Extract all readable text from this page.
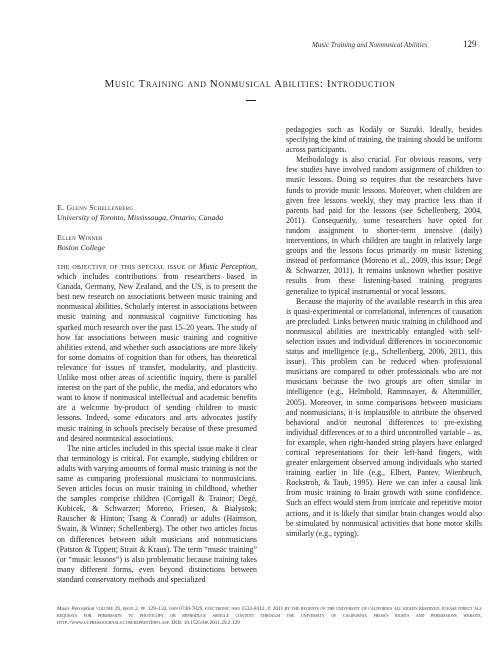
Music Training and Nonmusical Abilities	129
Music Training and Nonmusical Abilities: Introduction
E. Glenn Schellenberg
University of Toronto, Mississauga, Ontario, Canada
Ellen Winner
Boston College

the objective of this special issue of Music Perception, which includes contributions from researchers based in Canada, Germany, New Zealand, and the US, is to present the best new research on associations between music training and nonmusical abilities. Scholarly interest in associations between music training and nonmusical cognitive functioning has sparked much research over the past 15–20 years. The study of how far associations between music training and cognitive abilities extend, and whether such associations are more likely for some domains of cognition than for others, has theoretical relevance for issues of transfer, modularity, and plasticity. Unlike most other areas of scientific inquiry, there is parallel interest on the part of the public, the media, and educators who want to know if nonmusical intellectual and academic benefits are a welcome by-product of sending children to music lessons. Indeed, some educators and arts advocates justify music training in schools precisely because of these presumed and desired nonmusical associations.

The nine articles included in this special issue make it clear that terminology is critical. For example, studying children or adults with varying amounts of formal music training is not the same as comparing professional musicians to nonmusicians. Seven articles focus on music training in childhood, whether the samples comprise children (Corrigall & Trainor; Degé, Kubicek, & Schwarzer; Moreno, Friesen, & Bialystok; Rauscher & Hinton; Tsang & Conrad) or adults (Haimson, Swain, & Winner; Schellenberg). The other two articles focus on differences between adult musicians and nonmusicians (Patston & Tippett; Strait & Kraus). The term “music training” (or “music lessons”) is also problematic because training takes many different forms, even beyond distinctions between standard conservatory methods and specialized

pedagogies such as Kodály or Suzuki. Ideally, besides specifying the kind of training, the training should be uniform across participants.

Methodology is also crucial. For obvious reasons, very few studies have involved random assignment of children to music lessons. Doing so requires that the researchers have funds to provide music lessons. Moreover, when children are given free lessons weekly, they may practice less than if parents had paid for the lessons (see Schellenberg, 2004, 2011). Consequently, some researchers have opted for random assignment to shorter-term intensive (daily) interventions, in which children are taught in relatively large groups and the lessons focus primarily on music listening instead of performance (Moreno et al., 2009, this issue; Degé & Schwarzer, 2011). It remains unknown whether positive results from these listening-based training programs generalize to typical instrumental or vocal lessons.

Because the majority of the available research in this area is quasi-experimental or correlational, inferences of causation are precluded. Links between music training in childhood and nonmusical abilities are inextricably entangled with self-selection issues and individual differences in socioeconomic status and intelligence (e.g., Schellenberg, 2006, 2011, this issue). This problem can be reduced when professional musicians are compared to other professionals who are not musicians because the two groups are often similar in intelligence (e.g., Helmbold, Rammsayer, & Altenmüller, 2005). Moreover, in some comparisons between musicians and nonmusicians, it is implausible to attribute the observed behavioral and/or neuronal differences to pre-existing individual differences or to a third uncontrolled variable – as, for example, when right-handed string players have enlarged cortical representations for their left-hand fingers, with greater enlargement observed among individuals who started training earlier in life (e.g., Elbert, Pantev, Wienbruch, Rockstroh, & Taub, 1995). Here we can infer a causal link from music training to brain growth with some confidence. Such an effect would stem from intricate and repetitive motor actions, and it is likely that similar brain changes would also be stimulated by nonmusical activities that hone motor skills similarly (e.g., typing).

Music Perception volume 29, issue 2, pp. 129–132. issn 0730-7829, electronic issn 1533-8312. © 2011 by the regents of the university of california all rights reserved. please direct all requests for permission to photocopy or reproduce article content through the university of california press's rights and permissions website, http://www.ucpressjournals.com/reprintInfo.asp. DOI: 10.1525/mp.2011.29.2.129
